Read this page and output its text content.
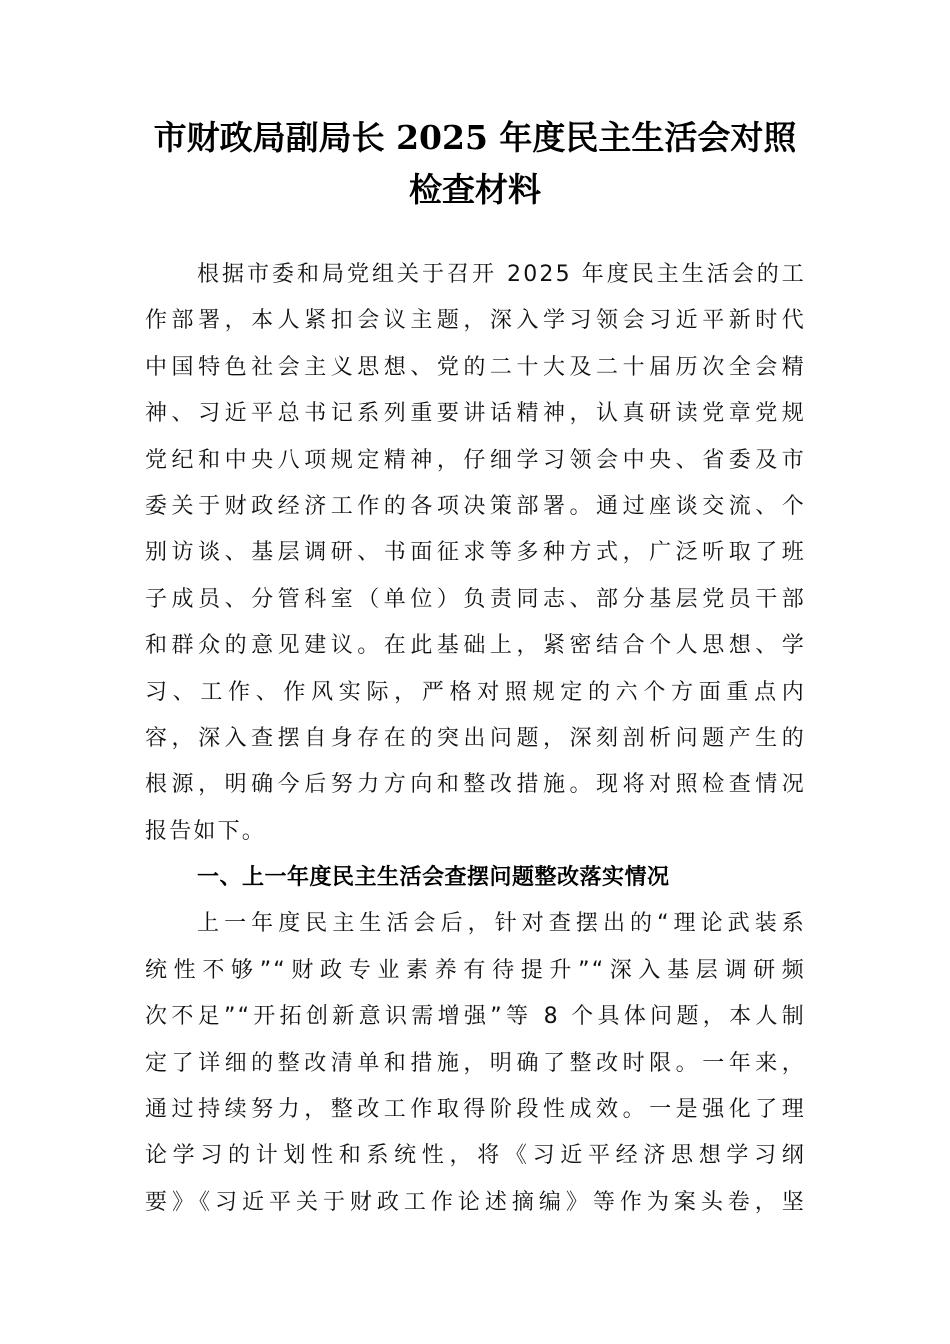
市财政局副局长 2025 年度民主生活会对照
检查材料
根据市委和局党组关于召开 2025 年度民主生活会的工
作部署，本人紧扣会议主题，深入学习领会习近平新时代
中国特色社会主义思想、党的二十大及二十届历次全会精
神、习近平总书记系列重要讲话精神，认真研读党章党规
党纪和中央八项规定精神，仔细学习领会中央、省委及市
委关于财政经济工作的各项决策部署。通过座谈交流、个
别访谈、基层调研、书面征求等多种方式，广泛听取了班
子成员、分管科室（单位）负责同志、部分基层党员干部
和群众的意见建议。在此基础上，紧密结合个人思想、学
习、工作、作风实际，严格对照规定的六个方面重点内
容，深入查摆自身存在的突出问题，深刻剖析问题产生的
根源，明确今后努力方向和整改措施。现将对照检查情况
报告如下。
一、上一年度民主生活会查摆问题整改落实情况
上一年度民主生活会后，针对查摆出的“理论武装系
统性不够”“财政专业素养有待提升”“深入基层调研频
次不足”“开拓创新意识需增强”等 8 个具体问题，本人制
定了详细的整改清单和措施，明确了整改时限。一年来，
通过持续努力，整改工作取得阶段性成效。一是强化了理
论学习的计划性和系统性，将《习近平经济思想学习纲
要》《习近平关于财政工作论述摘编》等作为案头卷，坚
